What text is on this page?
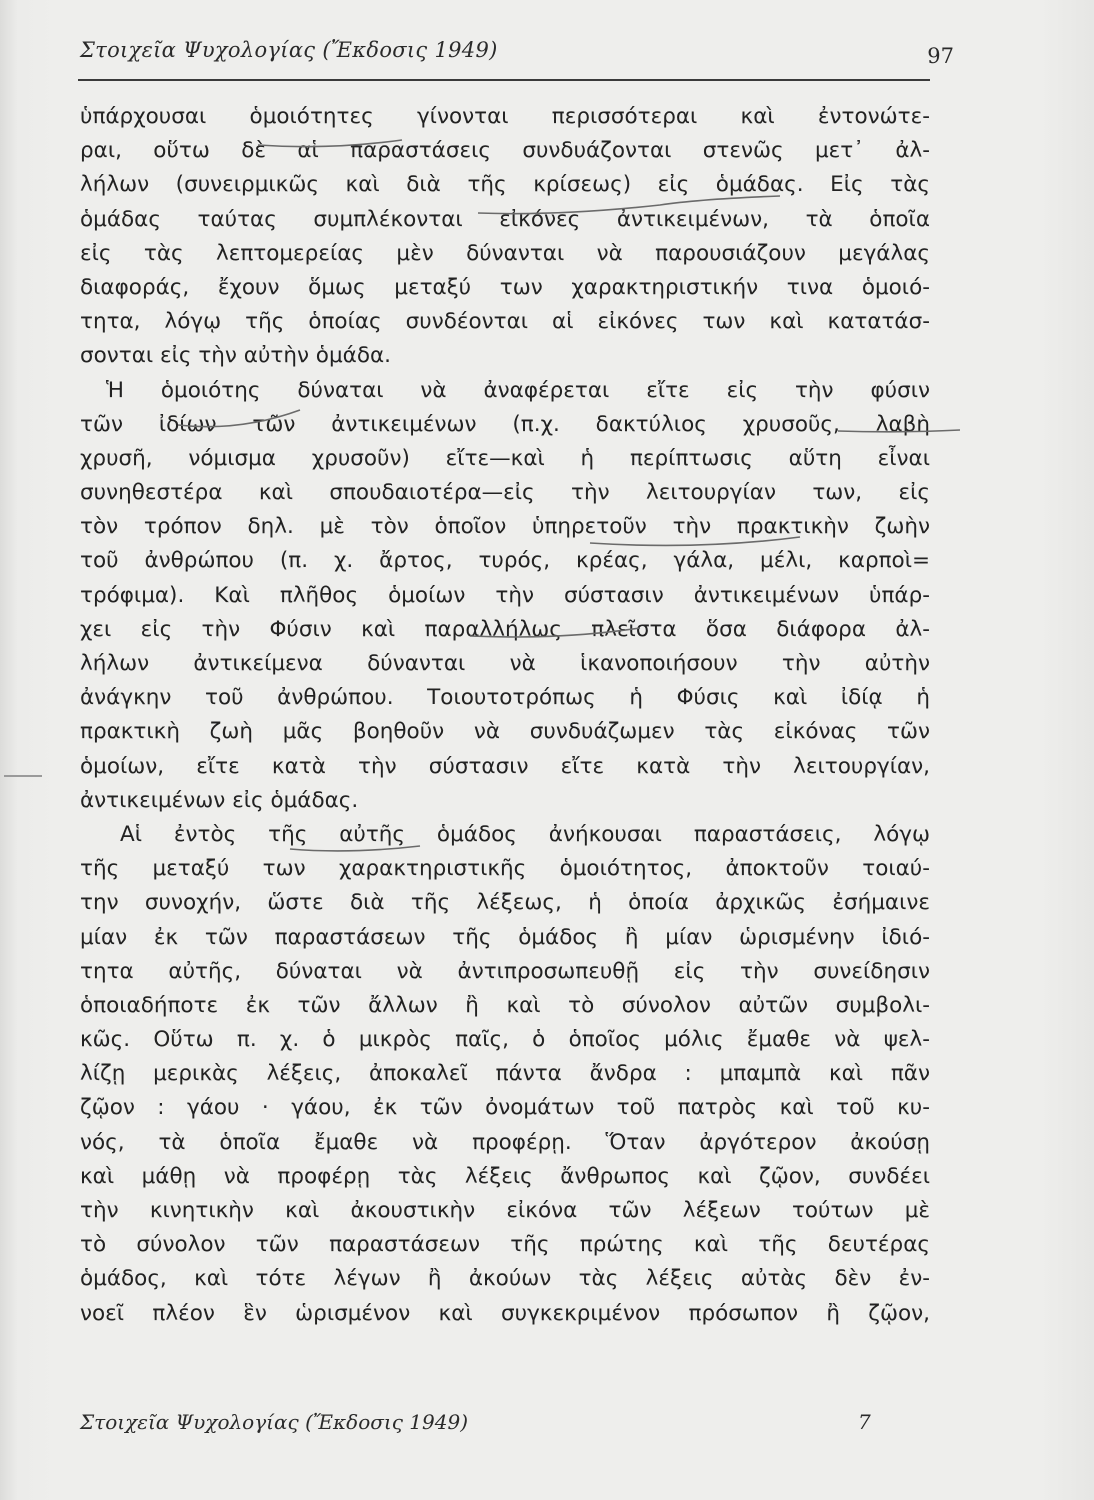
Στοιχεῖα Ψυχολογίας (Ἔκδοσις 1949)	97
ὑπάρχουσαι ὁμοιότητες γίνονται περισσότεραι καὶ ἐντονώτε-
ραι, οὕτω δὲ αἱ παραστάσεις συνδυάζονται στενῶς μετ᾽ ἀλ-
λήλων (συνειρμικῶς καὶ διὰ τῆς κρίσεως) εἰς ὁμάδας. Εἰς τὰς
ὁμάδας ταύτας συμπλέκονται εἰκόνες ἀντικειμένων, τὰ ὁποῖα
εἰς τὰς λεπτομερείας μὲν δύνανται νὰ παρουσιάζουν μεγάλας
διαφοράς, ἔχουν ὅμως μεταξύ των χαρακτηριστικήν τινα ὁμοιό-
τητα, λόγῳ τῆς ὁποίας συνδέονται αἱ εἰκόνες των καὶ κατατάσ-
σονται εἰς τὴν αὐτὴν ὁμάδα.
Ἡ ὁμοιότης δύναται νὰ ἀναφέρεται εἴτε εἰς τὴν φύσιν
τῶν ἰδίων τῶν ἀντικειμένων (π.χ. δακτύλιος χρυσοῦς, λαβὴ
χρυσῆ, νόμισμα χρυσοῦν) εἴτε—καὶ ἡ περίπτωσις αὕτη εἶναι
συνηθεστέρα καὶ σπουδαιοτέρα—εἰς τὴν λειτουργίαν των, εἰς
τὸν τρόπον δηλ. μὲ τὸν ὁποῖον ὑπηρετοῦν τὴν πρακτικὴν ζωὴν
τοῦ ἀνθρώπου (π. χ. ἄρτος, τυρός, κρέας, γάλα, μέλι, καρποὶ=
τρόφιμα). Καὶ πλῆθος ὁμοίων τὴν σύστασιν ἀντικειμένων ὑπάρ-
χει εἰς τὴν Φύσιν καὶ παραλλήλως πλεῖστα ὅσα διάφορα ἀλ-
λήλων ἀντικείμενα δύνανται νὰ ἱκανοποιήσουν τὴν αὐτὴν
ἀνάγκην τοῦ ἀνθρώπου. Τοιουτοτρόπως ἡ Φύσις καὶ ἰδίᾳ ἡ
πρακτικὴ ζωὴ μᾶς βοηθοῦν νὰ συνδυάζωμεν τὰς εἰκόνας τῶν
ὁμοίων, εἴτε κατὰ τὴν σύστασιν εἴτε κατὰ τὴν λειτουργίαν,
ἀντικειμένων εἰς ὁμάδας.
Αἱ ἐντὸς τῆς αὐτῆς ὁμάδος ἀνήκουσαι παραστάσεις, λόγῳ
τῆς μεταξύ των χαρακτηριστικῆς ὁμοιότητος, ἀποκτοῦν τοιαύ-
την συνοχήν, ὥστε διὰ τῆς λέξεως, ἡ ὁποία ἀρχικῶς ἐσήμαινε
μίαν ἐκ τῶν παραστάσεων τῆς ὁμάδος ἢ μίαν ὡρισμένην ἰδιό-
τητα αὐτῆς, δύναται νὰ ἀντιπροσωπευθῇ εἰς τὴν συνείδησιν
ὁποιαδήποτε ἐκ τῶν ἄλλων ἢ καὶ τὸ σύνολον αὐτῶν συμβολι-
κῶς. Οὕτω π. χ. ὁ μικρὸς παῖς, ὁ ὁποῖος μόλις ἔμαθε νὰ ψελ-
λίζῃ μερικὰς λέξεις, ἀποκαλεῖ πάντα ἄνδρα : μπαμπὰ καὶ πᾶν
ζῷον : γάου · γάου, ἐκ τῶν ὀνομάτων τοῦ πατρὸς καὶ τοῦ κυ-
νός, τὰ ὁποῖα ἔμαθε νὰ προφέρῃ. Ὅταν ἀργότερον ἀκούσῃ
καὶ μάθῃ νὰ προφέρῃ τὰς λέξεις ἄνθρωπος καὶ ζῷον, συνδέει
τὴν κινητικὴν καὶ ἀκουστικὴν εἰκόνα τῶν λέξεων τούτων μὲ
τὸ σύνολον τῶν παραστάσεων τῆς πρώτης καὶ τῆς δευτέρας
ὁμάδος, καὶ τότε λέγων ἢ ἀκούων τὰς λέξεις αὐτὰς δὲν ἐν-
νοεῖ πλέον ἓν ὡρισμένον καὶ συγκεκριμένον πρόσωπον ἢ ζῷον,
Στοιχεῖα Ψυχολογίας (Ἔκδοσις 1949)	7
